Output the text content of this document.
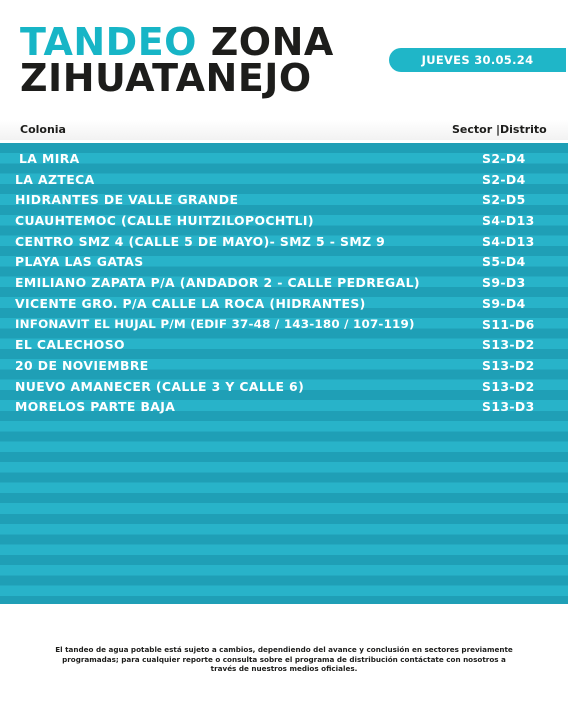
TANDEO ZONA
ZIHUATANEJO	JUEVES 30.05.24
Colonia	Sector |Distrito
LA MIRA	S2-D4
LA AZTECA	S2-D4
HIDRANTES DE VALLE GRANDE	S2-D5
CUAUHTEMOC (CALLE HUITZILOPOCHTLI)	S4-D13
CENTRO SMZ 4 (CALLE 5 DE MAYO)- SMZ 5 - SMZ 9	S4-D13
PLAYA LAS GATAS	S5-D4
EMILIANO ZAPATA P/A (ANDADOR 2 - CALLE PEDREGAL)	S9-D3
VICENTE GRO. P/A CALLE LA ROCA (HIDRANTES)	S9-D4
INFONAVIT EL HUJAL P/M (EDIF 37-48 / 143-180 / 107-119)	S11-D6
EL CALECHOSO	S13-D2
20 DE NOVIEMBRE	S13-D2
NUEVO AMANECER (CALLE 3 Y CALLE 6)	S13-D2
MORELOS PARTE BAJA	S13-D3
El tandeo de agua potable está sujeto a cambios, dependiendo del avance y conclusión en sectores previamente
programadas; para cualquier reporte o consulta sobre el programa de distribución contáctate con nosotros a
través de nuestros medios oficiales.
